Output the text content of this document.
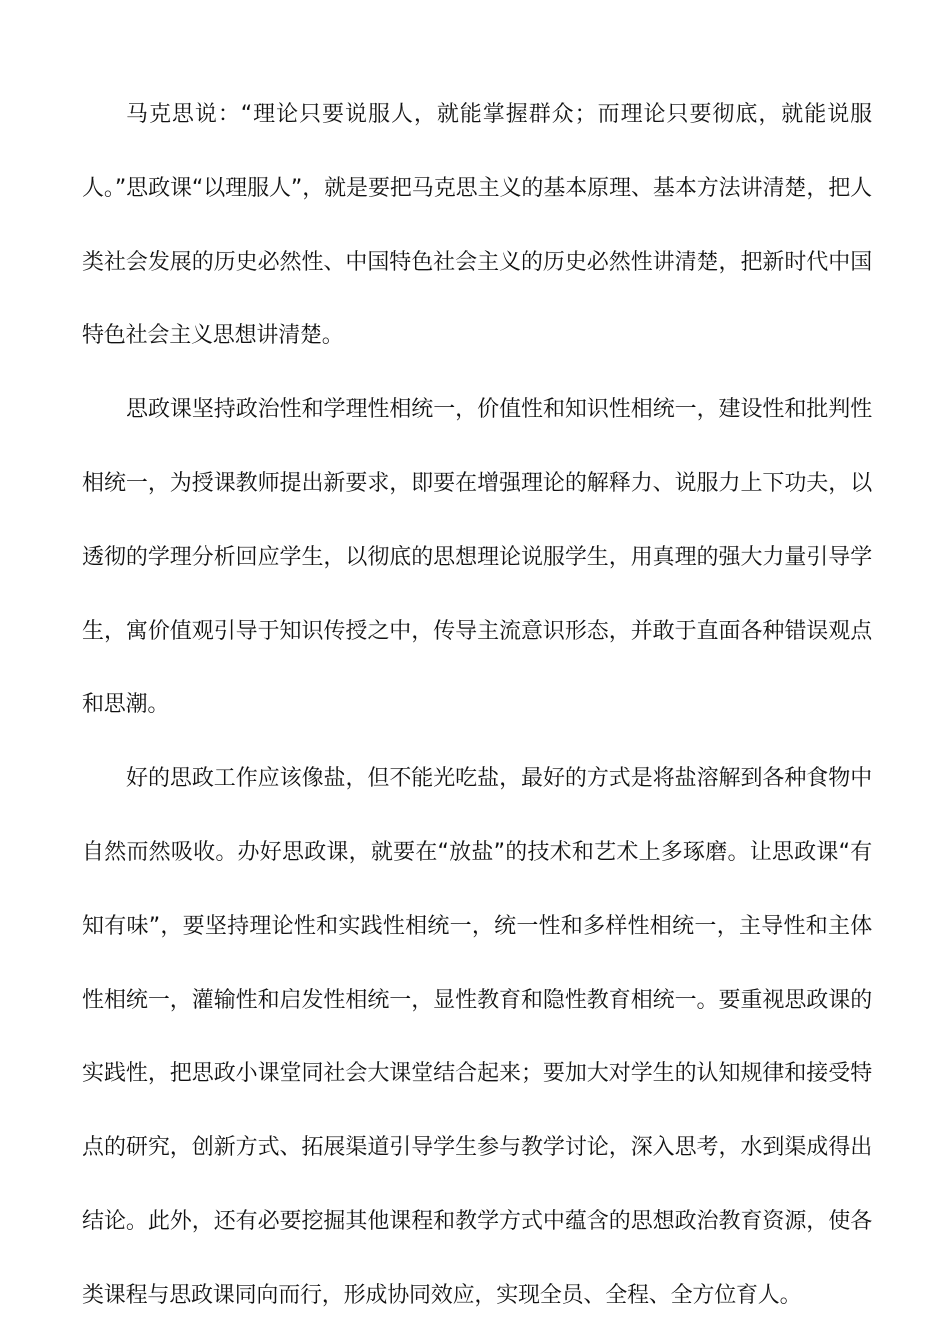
马克思说：“理论只要说服人，就能掌握群众；而理论只要彻底，就能说服人。”思政课“以理服人”，就是要把马克思主义的基本原理、基本方法讲清楚，把人类社会发展的历史必然性、中国特色社会主义的历史必然性讲清楚，把新时代中国特色社会主义思想讲清楚。

思政课坚持政治性和学理性相统一，价值性和知识性相统一，建设性和批判性相统一，为授课教师提出新要求，即要在增强理论的解释力、说服力上下功夫，以透彻的学理分析回应学生，以彻底的思想理论说服学生，用真理的强大力量引导学生，寓价值观引导于知识传授之中，传导主流意识形态，并敢于直面各种错误观点和思潮。

好的思政工作应该像盐，但不能光吃盐，最好的方式是将盐溶解到各种食物中自然而然吸收。办好思政课，就要在“放盐”的技术和艺术上多琢磨。让思政课“有知有味”，要坚持理论性和实践性相统一，统一性和多样性相统一，主导性和主体性相统一，灌输性和启发性相统一，显性教育和隐性教育相统一。要重视思政课的实践性，把思政小课堂同社会大课堂结合起来；要加大对学生的认知规律和接受特点的研究，创新方式、拓展渠道引导学生参与教学讨论，深入思考，水到渠成得出结论。此外，还有必要挖掘其他课程和教学方式中蕴含的思想政治教育资源，使各类课程与思政课同向而行，形成协同效应，实现全员、全程、全方位育人。
